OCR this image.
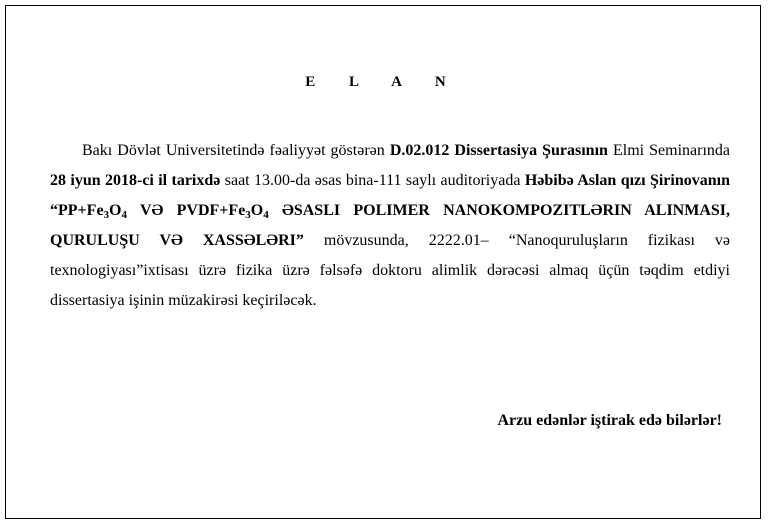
E L A N

Bakı Dövlət Universitetində fəaliyyət göstərən D.02.012 Dissertasiya Şurasının Elmi Seminarında 28 iyun 2018-ci il tarixdə saat 13.00-da əsas bina-111 saylı auditoriyada Həbibə Aslan qızı Şirinovanın “$PP+Fe_3O_4$ VƏ $PVDF+Fe_3O_4$ ƏSASLI POLIMER NANOKOMPOZITLƏRIN ALINMASI, QURULUŞU VƏ XASSƏLƏRI” mövzusunda, 2222.01– “Nanoquruluşların fizikası və texnologiyası”ixtisası üzrə fizika üzrə fəlsəfə doktoru alimlik dərəcəsi almaq üçün təqdim etdiyi dissertasiya işinin müzakirəsi keçiriləcək.

Arzu edənlər iştirak edə bilərlər!
